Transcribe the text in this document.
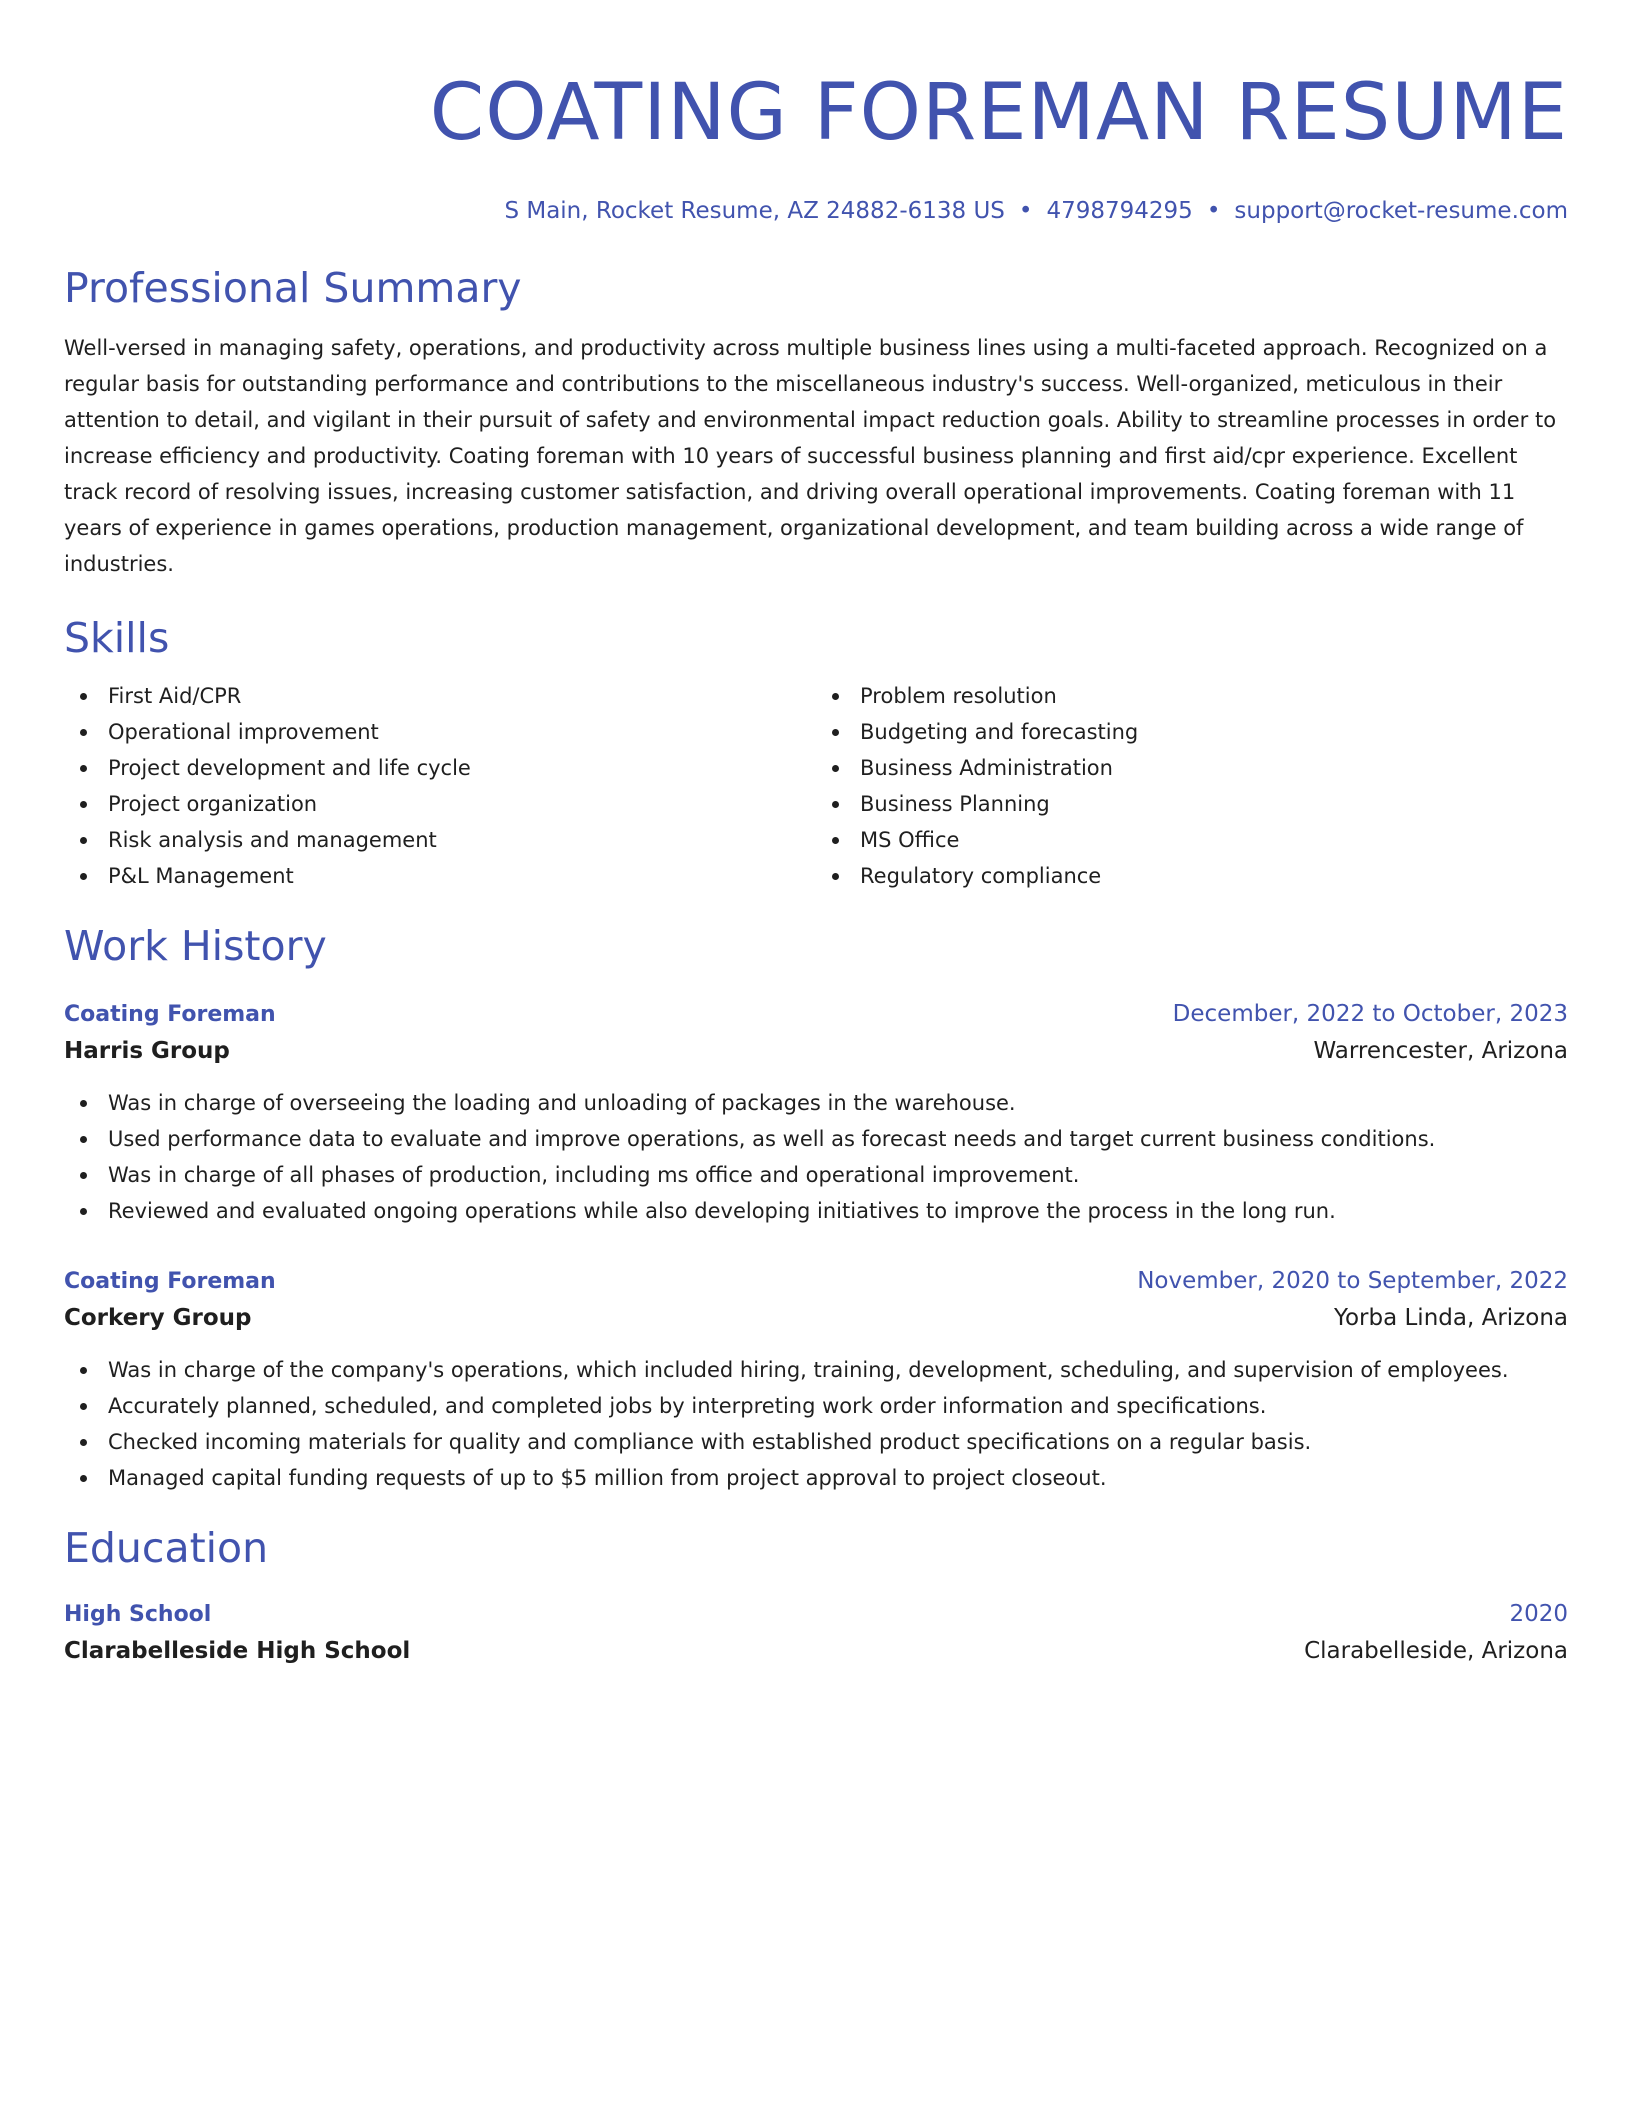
COATING FOREMAN RESUME
S Main, Rocket Resume, AZ 24882-6138 US • 4798794295 • support@rocket-resume.com
Professional Summary
Well-versed in managing safety, operations, and productivity across multiple business lines using a multi-faceted approach. Recognized on a regular basis for outstanding performance and contributions to the miscellaneous industry's success. Well-organized, meticulous in their attention to detail, and vigilant in their pursuit of safety and environmental impact reduction goals. Ability to streamline processes in order to increase efficiency and productivity. Coating foreman with 10 years of successful business planning and first aid/cpr experience. Excellent track record of resolving issues, increasing customer satisfaction, and driving overall operational improvements. Coating foreman with 11 years of experience in games operations, production management, organizational development, and team building across a wide range of industries.
Skills
First Aid/CPR
Operational improvement
Project development and life cycle
Project organization
Risk analysis and management
P&L Management
Problem resolution
Budgeting and forecasting
Business Administration
Business Planning
MS Office
Regulatory compliance
Work History
Coating Foreman	December, 2022 to October, 2023
Harris Group	Warrencester, Arizona
Was in charge of overseeing the loading and unloading of packages in the warehouse.
Used performance data to evaluate and improve operations, as well as forecast needs and target current business conditions.
Was in charge of all phases of production, including ms office and operational improvement.
Reviewed and evaluated ongoing operations while also developing initiatives to improve the process in the long run.
Coating Foreman	November, 2020 to September, 2022
Corkery Group	Yorba Linda, Arizona
Was in charge of the company's operations, which included hiring, training, development, scheduling, and supervision of employees.
Accurately planned, scheduled, and completed jobs by interpreting work order information and specifications.
Checked incoming materials for quality and compliance with established product specifications on a regular basis.
Managed capital funding requests of up to $5 million from project approval to project closeout.
Education
High School	2020
Clarabelleside High School	Clarabelleside, Arizona
